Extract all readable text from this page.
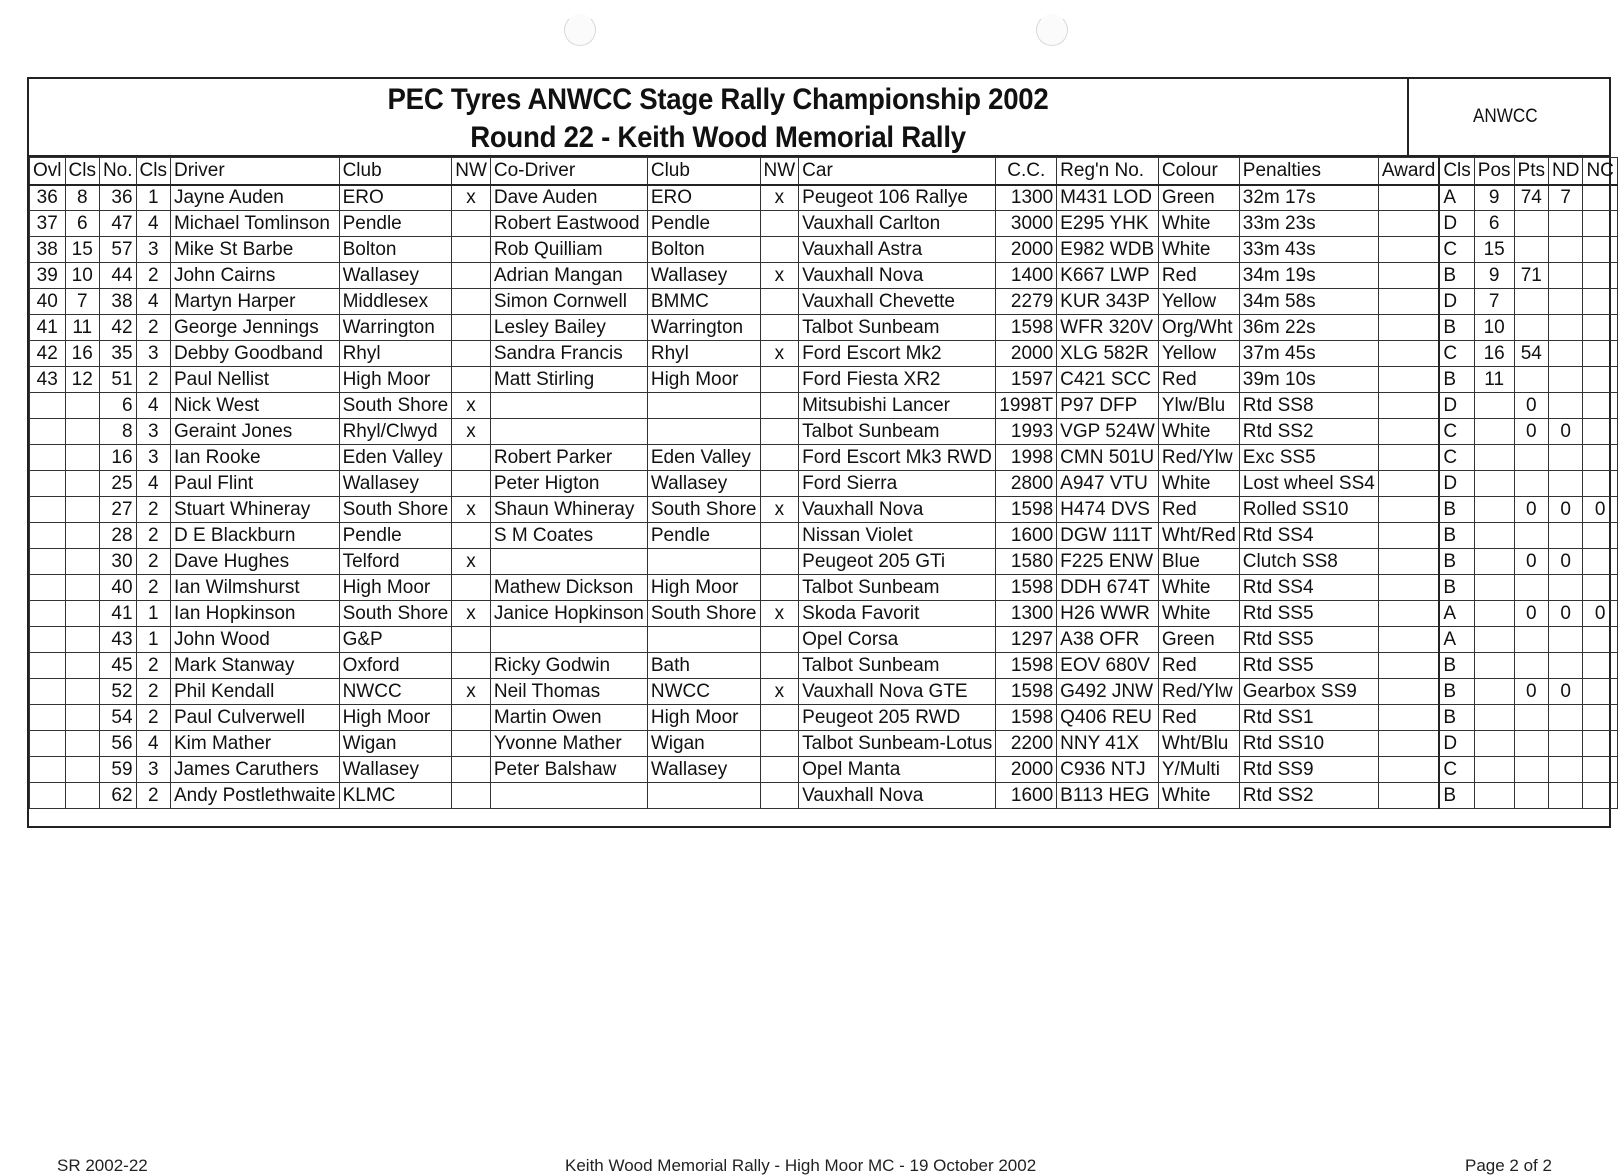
PEC Tyres ANWCC Stage Rally Championship 2002
Round 22 - Keith Wood Memorial Rally
ANWCC
Ovl	Cls	No.	Cls	Driver	Club	NW	Co-Driver	Club	NW	Car	C.C.	Reg'n No.	Colour	Penalties	Award	Cls	Pos	Pts	ND	NC
36	8	36	1	Jayne Auden	ERO	x	Dave Auden	ERO	x	Peugeot 106 Rallye	1300	M431 LOD	Green	32m 17s		A	9	74	7	
37	6	47	4	Michael Tomlinson	Pendle		Robert Eastwood	Pendle		Vauxhall Carlton	3000	E295 YHK	White	33m 23s		D	6			
38	15	57	3	Mike St Barbe	Bolton		Rob Quilliam	Bolton		Vauxhall Astra	2000	E982 WDB	White	33m 43s		C	15			
39	10	44	2	John Cairns	Wallasey		Adrian Mangan	Wallasey	x	Vauxhall Nova	1400	K667 LWP	Red	34m 19s		B	9	71		
40	7	38	4	Martyn Harper	Middlesex		Simon Cornwell	BMMC		Vauxhall Chevette	2279	KUR 343P	Yellow	34m 58s		D	7			
41	11	42	2	George Jennings	Warrington		Lesley Bailey	Warrington		Talbot Sunbeam	1598	WFR 320V	Org/Wht	36m 22s		B	10			
42	16	35	3	Debby Goodband	Rhyl		Sandra Francis	Rhyl	x	Ford Escort Mk2	2000	XLG 582R	Yellow	37m 45s		C	16	54		
43	12	51	2	Paul Nellist	High Moor		Matt Stirling	High Moor		Ford Fiesta XR2	1597	C421 SCC	Red	39m 10s		B	11			
		6	4	Nick West	South Shore	x				Mitsubishi Lancer	1998T	P97 DFP	Ylw/Blu	Rtd SS8		D		0		
		8	3	Geraint Jones	Rhyl/Clwyd	x				Talbot Sunbeam	1993	VGP 524W	White	Rtd SS2		C		0	0	
		16	3	Ian Rooke	Eden Valley		Robert Parker	Eden Valley		Ford Escort Mk3 RWD	1998	CMN 501U	Red/Ylw	Exc SS5		C				
		25	4	Paul Flint	Wallasey		Peter Higton	Wallasey		Ford Sierra	2800	A947 VTU	White	Lost wheel SS4		D				
		27	2	Stuart Whineray	South Shore	x	Shaun Whineray	South Shore	x	Vauxhall Nova	1598	H474 DVS	Red	Rolled SS10		B		0	0	0
		28	2	D E Blackburn	Pendle		S M Coates	Pendle		Nissan Violet	1600	DGW 111T	Wht/Red	Rtd SS4		B				
		30	2	Dave Hughes	Telford	x				Peugeot 205 GTi	1580	F225 ENW	Blue	Clutch SS8		B		0	0	
		40	2	Ian Wilmshurst	High Moor		Mathew Dickson	High Moor		Talbot Sunbeam	1598	DDH 674T	White	Rtd SS4		B				
		41	1	Ian Hopkinson	South Shore	x	Janice Hopkinson	South Shore	x	Skoda Favorit	1300	H26 WWR	White	Rtd SS5		A		0	0	0
		43	1	John Wood	G&P					Opel Corsa	1297	A38 OFR	Green	Rtd SS5		A				
		45	2	Mark Stanway	Oxford		Ricky Godwin	Bath		Talbot Sunbeam	1598	EOV 680V	Red	Rtd SS5		B				
		52	2	Phil Kendall	NWCC	x	Neil Thomas	NWCC	x	Vauxhall Nova GTE	1598	G492 JNW	Red/Ylw	Gearbox SS9		B		0	0	
		54	2	Paul Culverwell	High Moor		Martin Owen	High Moor		Peugeot 205 RWD	1598	Q406 REU	Red	Rtd SS1		B				
		56	4	Kim Mather	Wigan		Yvonne Mather	Wigan		Talbot Sunbeam-Lotus	2200	NNY 41X	Wht/Blu	Rtd SS10		D				
		59	3	James Caruthers	Wallasey		Peter Balshaw	Wallasey		Opel Manta	2000	C936 NTJ	Y/Multi	Rtd SS9		C				
		62	2	Andy Postlethwaite	KLMC					Vauxhall Nova	1600	B113 HEG	White	Rtd SS2		B				
SR 2002-22	Keith Wood Memorial Rally - High Moor MC - 19 October 2002	Page 2 of 2
